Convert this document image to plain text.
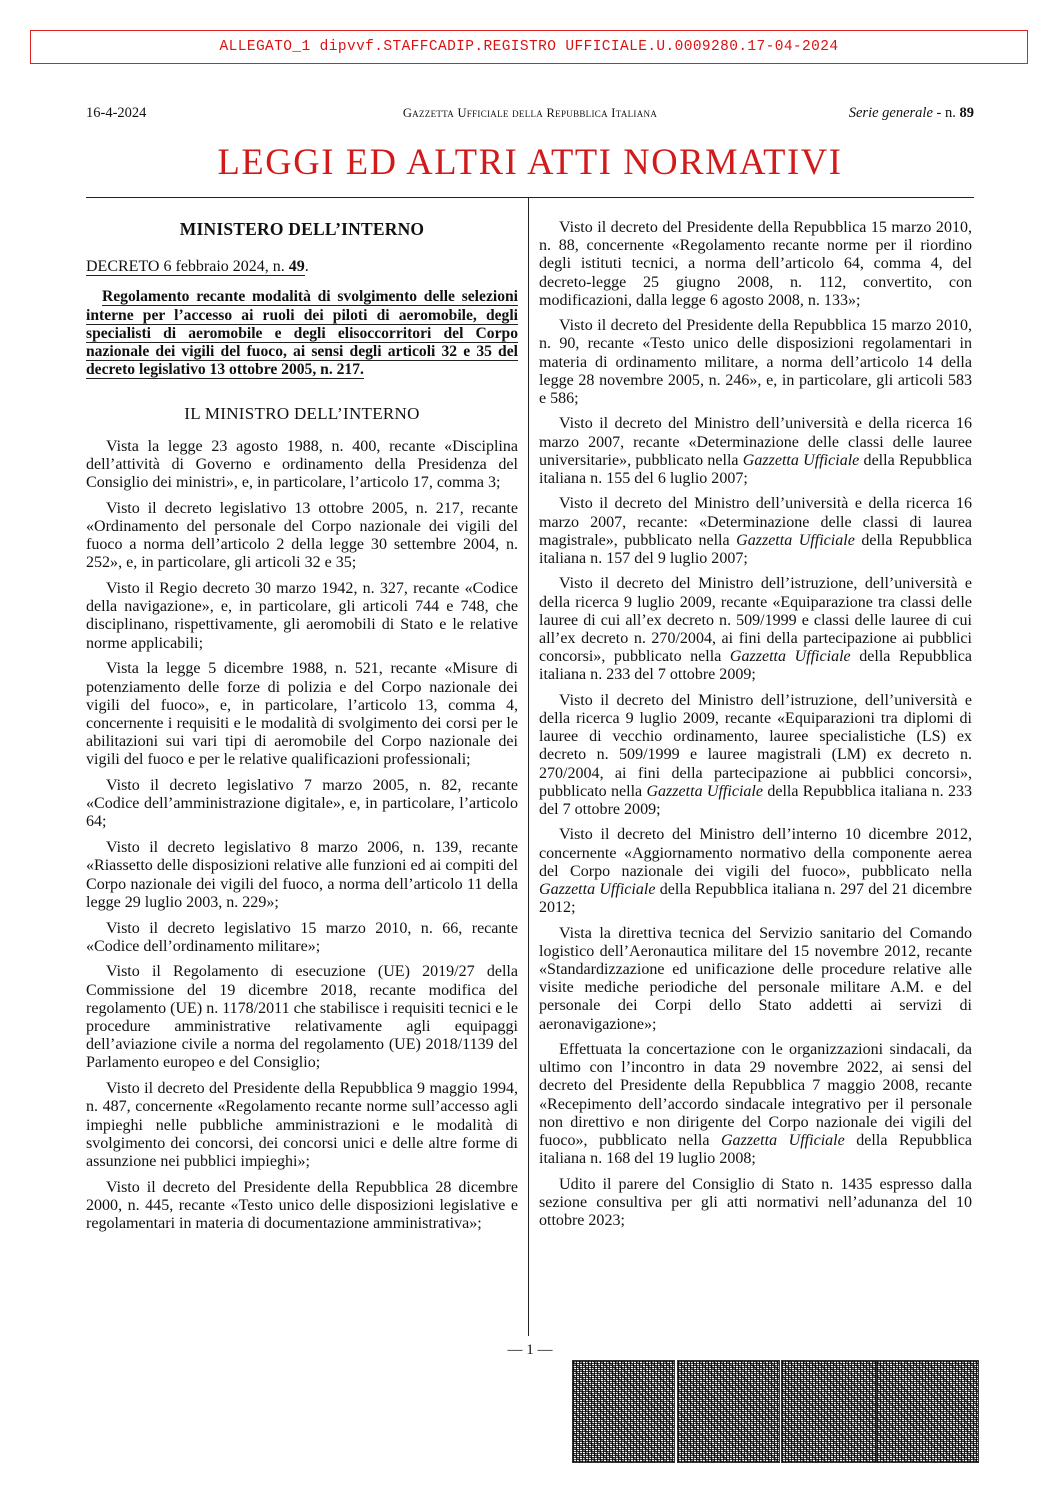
ALLEGATO_1 dipvvf.STAFFCADIP.REGISTRO UFFICIALE.U.0009280.17-04-2024
16-4-2024	Gazzetta Ufficiale della Repubblica Italiana	Serie generale - n. 89
LEGGI ED ALTRI ATTI NORMATIVI
MINISTERO DELL’INTERNO
DECRETO 6 febbraio 2024, n. 49.
Regolamento recante modalità di svolgimento delle selezioni interne per l’accesso ai ruoli dei piloti di aeromobile, degli specialisti di aeromobile e degli elisoccorritori del Corpo nazionale dei vigili del fuoco, ai sensi degli articoli 32 e 35 del decreto legislativo 13 ottobre 2005, n. 217.
IL MINISTRO DELL’INTERNO

Vista la legge 23 agosto 1988, n. 400, recante «Disciplina dell’attività di Governo e ordinamento della Presidenza del Consiglio dei ministri», e, in particolare, l’articolo 17, comma 3;

Visto il decreto legislativo 13 ottobre 2005, n. 217, recante «Ordinamento del personale del Corpo nazionale dei vigili del fuoco a norma dell’articolo 2 della legge 30 settembre 2004, n. 252», e, in particolare, gli articoli 32 e 35;

Visto il Regio decreto 30 marzo 1942, n. 327, recante «Codice della navigazione», e, in particolare, gli articoli 744 e 748, che disciplinano, rispettivamente, gli aeromobili di Stato e le relative norme applicabili;

Vista la legge 5 dicembre 1988, n. 521, recante «Misure di potenziamento delle forze di polizia e del Corpo nazionale dei vigili del fuoco», e, in particolare, l’articolo 13, comma 4, concernente i requisiti e le modalità di svolgimento dei corsi per le abilitazioni sui vari tipi di aeromobile del Corpo nazionale dei vigili del fuoco e per le relative qualificazioni professionali;

Visto il decreto legislativo 7 marzo 2005, n. 82, recante «Codice dell’amministrazione digitale», e, in particolare, l’articolo 64;

Visto il decreto legislativo 8 marzo 2006, n. 139, recante «Riassetto delle disposizioni relative alle funzioni ed ai compiti del Corpo nazionale dei vigili del fuoco, a norma dell’articolo 11 della legge 29 luglio 2003, n. 229»;

Visto il decreto legislativo 15 marzo 2010, n. 66, recante «Codice dell’ordinamento militare»;

Visto il Regolamento di esecuzione (UE) 2019/27 della Commissione del 19 dicembre 2018, recante modifica del regolamento (UE) n. 1178/2011 che stabilisce i requisiti tecnici e le procedure amministrative relativamente agli equipaggi dell’aviazione civile a norma del regolamento (UE) 2018/1139 del Parlamento europeo e del Consiglio;

Visto il decreto del Presidente della Repubblica 9 maggio 1994, n. 487, concernente «Regolamento recante norme sull’accesso agli impieghi nelle pubbliche amministrazioni e le modalità di svolgimento dei concorsi, dei concorsi unici e delle altre forme di assunzione nei pubblici impieghi»;

Visto il decreto del Presidente della Repubblica 28 dicembre 2000, n. 445, recante «Testo unico delle disposizioni legislative e regolamentari in materia di documentazione amministrativa»;

Visto il decreto del Presidente della Repubblica 15 marzo 2010, n. 88, concernente «Regolamento recante norme per il riordino degli istituti tecnici, a norma dell’articolo 64, comma 4, del decreto-legge 25 giugno 2008, n. 112, convertito, con modificazioni, dalla legge 6 agosto 2008, n. 133»;

Visto il decreto del Presidente della Repubblica 15 marzo 2010, n. 90, recante «Testo unico delle disposizioni regolamentari in materia di ordinamento militare, a norma dell’articolo 14 della legge 28 novembre 2005, n. 246», e, in particolare, gli articoli 583 e 586;

Visto il decreto del Ministro dell’università e della ricerca 16 marzo 2007, recante «Determinazione delle classi delle lauree universitarie», pubblicato nella Gazzetta Ufficiale della Repubblica italiana n. 155 del 6 luglio 2007;

Visto il decreto del Ministro dell’università e della ricerca 16 marzo 2007, recante: «Determinazione delle classi di laurea magistrale», pubblicato nella Gazzetta Ufficiale della Repubblica italiana n. 157 del 9 luglio 2007;

Visto il decreto del Ministro dell’istruzione, dell’università e della ricerca 9 luglio 2009, recante «Equiparazione tra classi delle lauree di cui all’ex decreto n. 509/1999 e classi delle lauree di cui all’ex decreto n. 270/2004, ai fini della partecipazione ai pubblici concorsi», pubblicato nella Gazzetta Ufficiale della Repubblica italiana n. 233 del 7 ottobre 2009;

Visto il decreto del Ministro dell’istruzione, dell’università e della ricerca 9 luglio 2009, recante «Equiparazioni tra diplomi di lauree di vecchio ordinamento, lauree specialistiche (LS) ex decreto n. 509/1999 e lauree magistrali (LM) ex decreto n. 270/2004, ai fini della partecipazione ai pubblici concorsi», pubblicato nella Gazzetta Ufficiale della Repubblica italiana n. 233 del 7 ottobre 2009;

Visto il decreto del Ministro dell’interno 10 dicembre 2012, concernente «Aggiornamento normativo della componente aerea del Corpo nazionale dei vigili del fuoco», pubblicato nella Gazzetta Ufficiale della Repubblica italiana n. 297 del 21 dicembre 2012;

Vista la direttiva tecnica del Servizio sanitario del Comando logistico dell’Aeronautica militare del 15 novembre 2012, recante «Standardizzazione ed unificazione delle procedure relative alle visite mediche periodiche del personale militare A.M. e del personale dei Corpi dello Stato addetti ai servizi di aeronavigazione»;

Effettuata la concertazione con le organizzazioni sindacali, da ultimo con l’incontro in data 29 novembre 2022, ai sensi del decreto del Presidente della Repubblica 7 maggio 2008, recante «Recepimento dell’accordo sindacale integrativo per il personale non direttivo e non dirigente del Corpo nazionale dei vigili del fuoco», pubblicato nella Gazzetta Ufficiale della Repubblica italiana n. 168 del 19 luglio 2008;

Udito il parere del Consiglio di Stato n. 1435 espresso dalla sezione consultiva per gli atti normativi nell’adunanza del 10 ottobre 2023;

— 1 —
